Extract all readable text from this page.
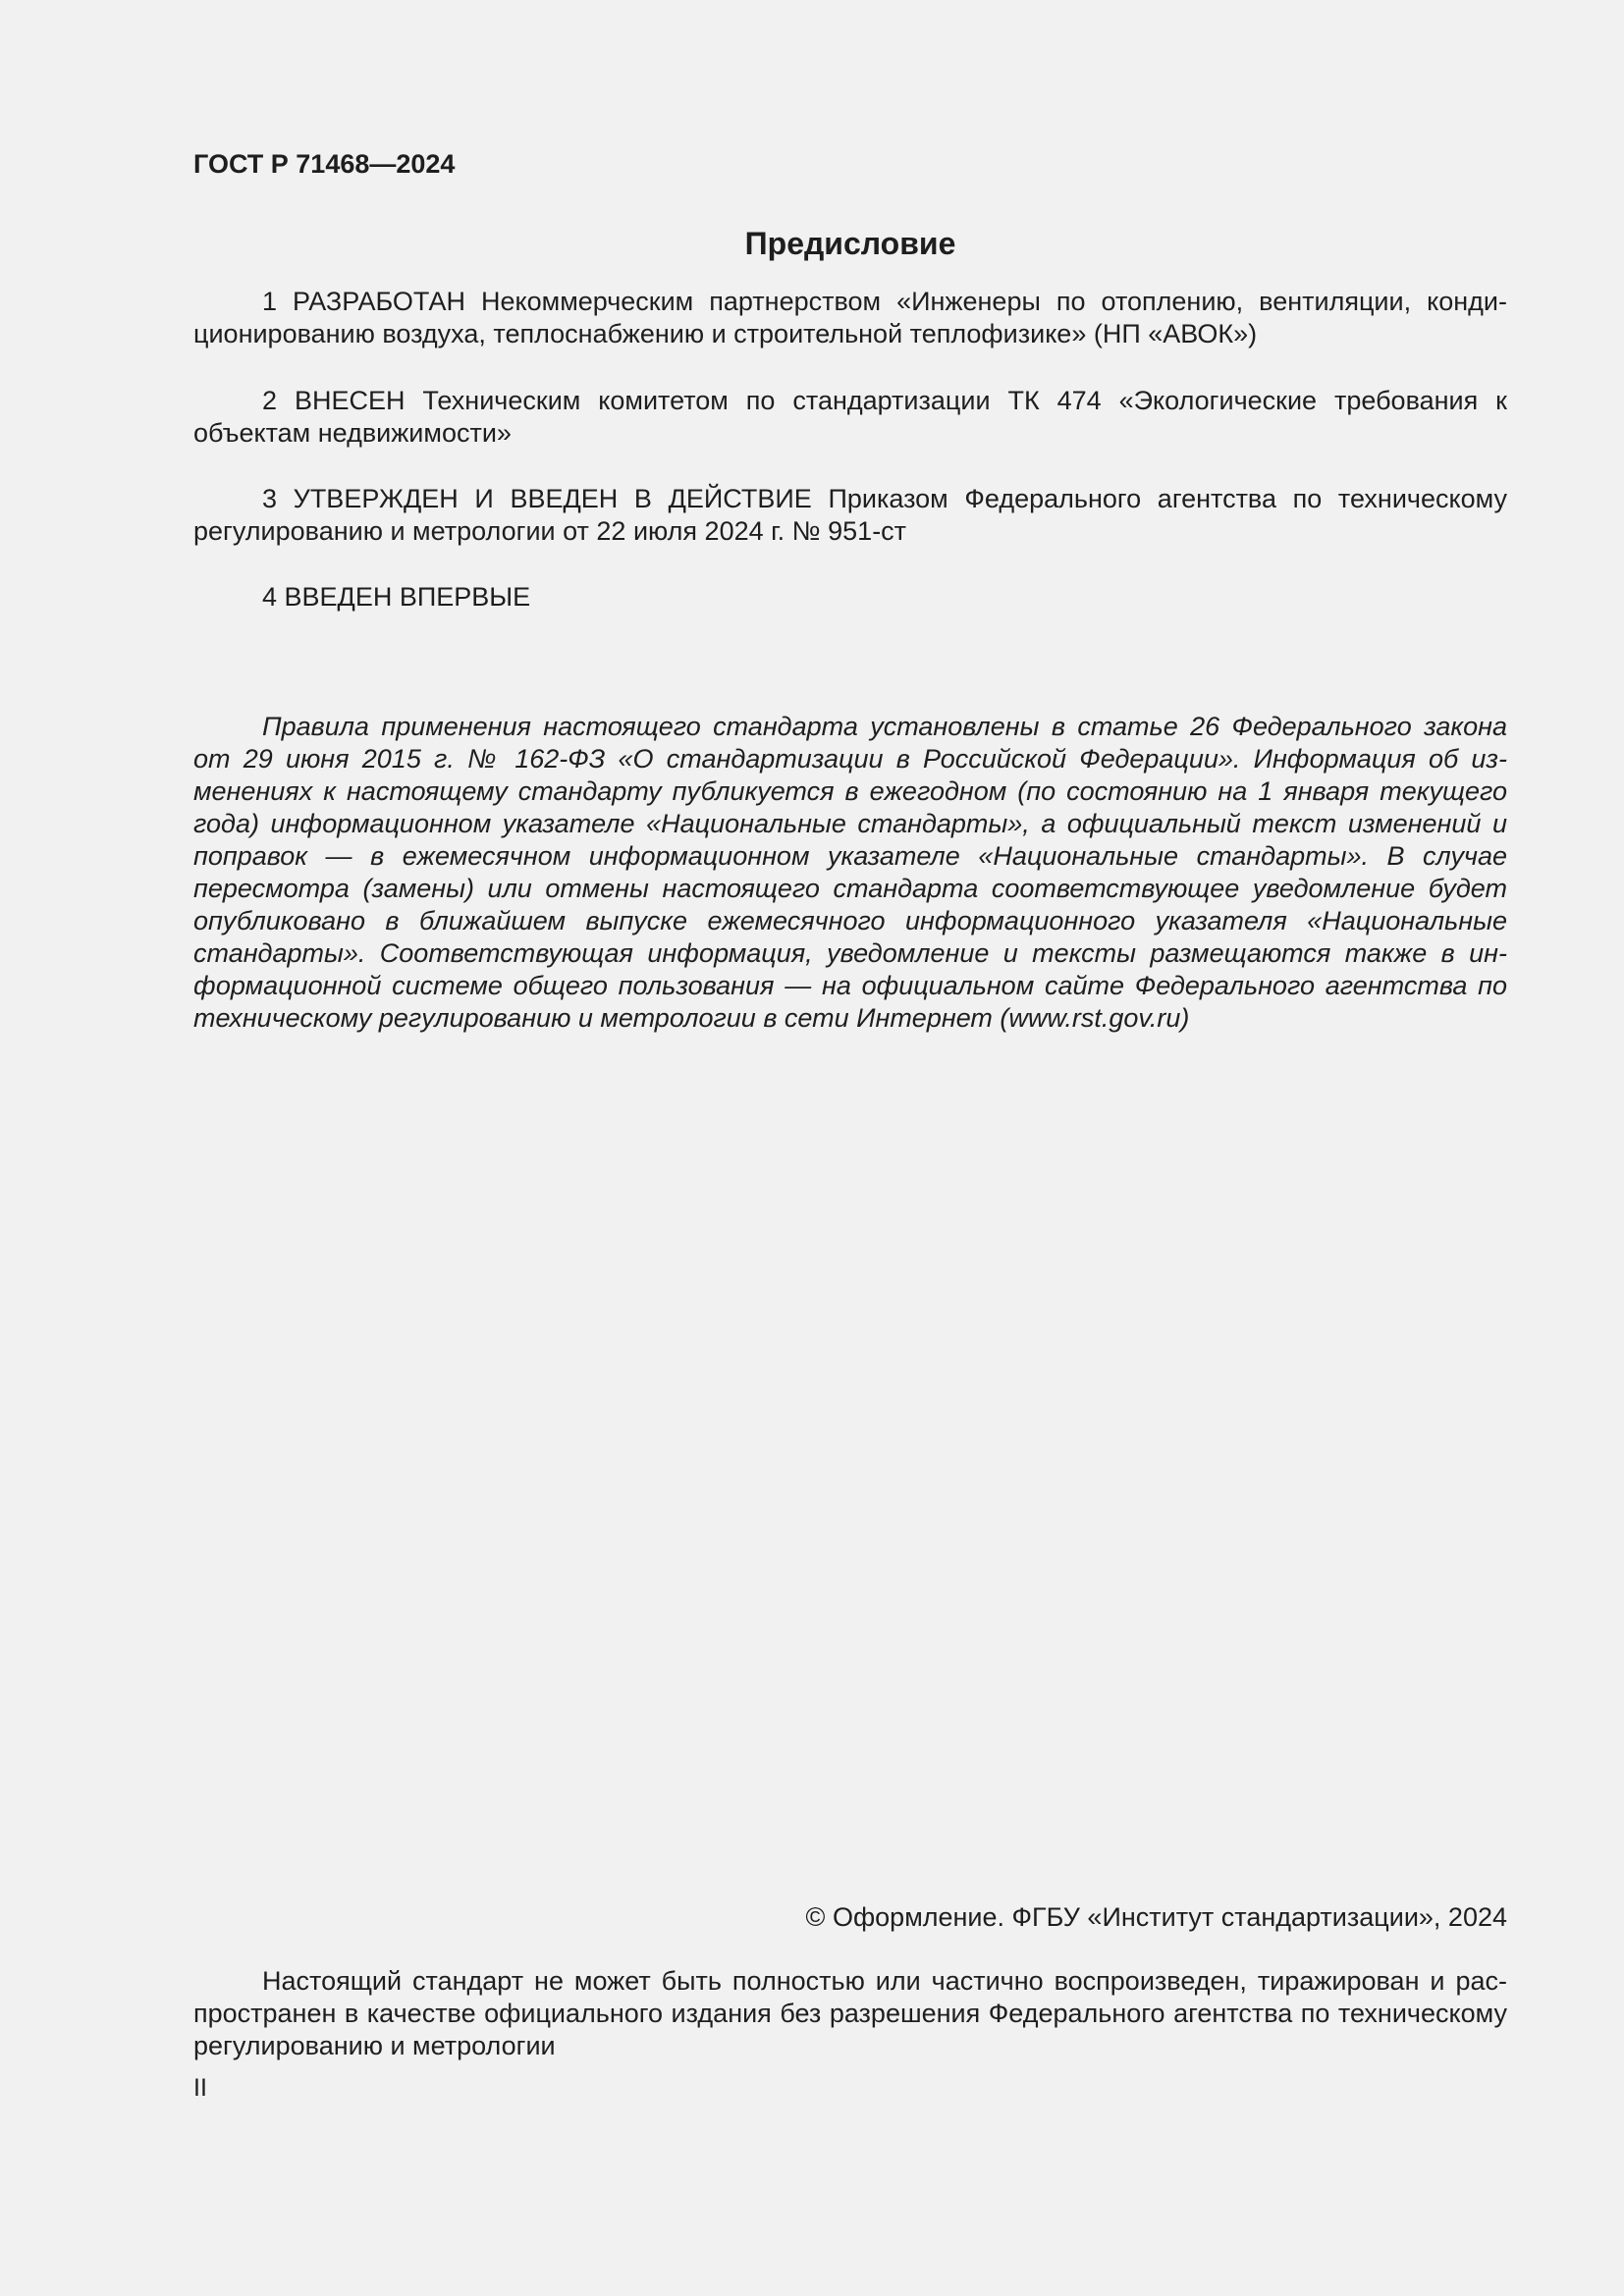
ГОСТ Р 71468—2024
Предисловие

1 РАЗРАБОТАН Некоммерческим партнерством «Инженеры по отоплению, вентиляции, кондиционированию воздуха, теплоснабжению и строительной теплофизике» (НП «АВОК»)

2 ВНЕСЕН Техническим комитетом по стандартизации ТК 474 «Экологические требования к объектам недвижимости»

3 УТВЕРЖДЕН И ВВЕДЕН В ДЕЙСТВИЕ Приказом Федерального агентства по техническому регулированию и метрологии от 22 июля 2024 г. № 951-ст

4 ВВЕДЕН ВПЕРВЫЕ

Правила применения настоящего стандарта установлены в статье 26 Федерального закона от 29 июня 2015 г. № 162-ФЗ «О стандартизации в Российской Федерации». Информация об изменениях к настоящему стандарту публикуется в ежегодном (по состоянию на 1 января текущего года) информационном указателе «Национальные стандарты», а официальный текст изменений и поправок — в ежемесячном информационном указателе «Национальные стандарты». В случае пересмотра (замены) или отмены настоящего стандарта соответствующее уведомление будет опубликовано в ближайшем выпуске ежемесячного информационного указателя «Национальные стандарты». Соответствующая информация, уведомление и тексты размещаются также в информационной системе общего пользования — на официальном сайте Федерального агентства по техническому регулированию и метрологии в сети Интернет (www.rst.gov.ru)

© Оформление. ФГБУ «Институт стандартизации», 2024

Настоящий стандарт не может быть полностью или частично воспроизведен, тиражирован и распространен в качестве официального издания без разрешения Федерального агентства по техническому регулированию и метрологии

II
